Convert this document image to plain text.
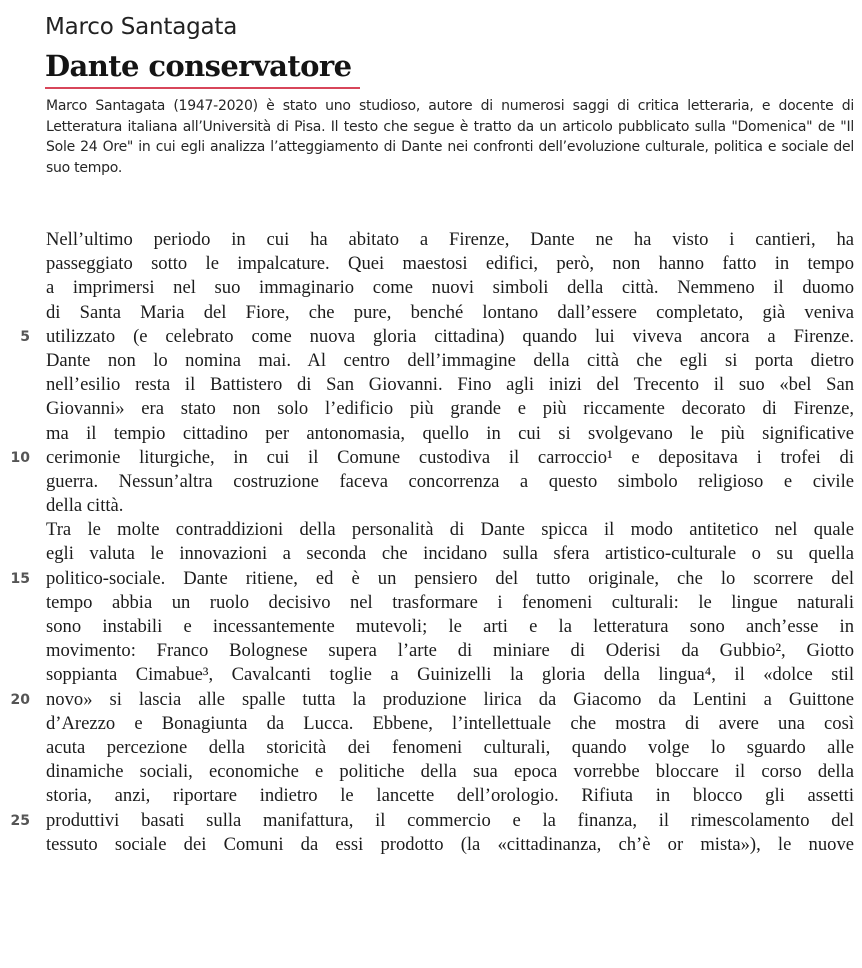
Marco Santagata
Dante conservatore

Marco Santagata (1947-2020) è stato uno studioso, autore di numerosi saggi di critica letteraria, e docente di Letteratura italiana all’Università di Pisa. Il testo che segue è tratto da un articolo pubblicato sulla "Domenica" de "Il Sole 24 Ore" in cui egli analizza l’atteggiamento di Dante nei confronti dell’evoluzione culturale, politica e sociale del suo tempo.

Nell’ultimo periodo in cui ha abitato a Firenze, Dante ne ha visto i cantieri, ha
passeggiato sotto le impalcature. Quei maestosi edifici, però, non hanno fatto in tempo
a imprimersi nel suo immaginario come nuovi simboli della città. Nemmeno il duomo
di Santa Maria del Fiore, che pure, benché lontano dall’essere completato, già veniva
5 utilizzato (e celebrato come nuova gloria cittadina) quando lui viveva ancora a Firenze.
Dante non lo nomina mai. Al centro dell’immagine della città che egli si porta dietro
nell’esilio resta il Battistero di San Giovanni. Fino agli inizi del Trecento il suo «bel San
Giovanni» era stato non solo l’edificio più grande e più riccamente decorato di Firenze,
ma il tempio cittadino per antonomasia, quello in cui si svolgevano le più significative
10 cerimonie liturgiche, in cui il Comune custodiva il carroccio¹ e depositava i trofei di
guerra. Nessun’altra costruzione faceva concorrenza a questo simbolo religioso e civile
della città.
Tra le molte contraddizioni della personalità di Dante spicca il modo antitetico nel quale
egli valuta le innovazioni a seconda che incidano sulla sfera artistico-culturale o su quella
15 politico-sociale. Dante ritiene, ed è un pensiero del tutto originale, che lo scorrere del
tempo abbia un ruolo decisivo nel trasformare i fenomeni culturali: le lingue naturali
sono instabili e incessantemente mutevoli; le arti e la letteratura sono anch’esse in
movimento: Franco Bolognese supera l’arte di miniare di Oderisi da Gubbio², Giotto
soppianta Cimabue³, Cavalcanti toglie a Guinizelli la gloria della lingua⁴, il «dolce stil
20 novo» si lascia alle spalle tutta la produzione lirica da Giacomo da Lentini a Guittone
d’Arezzo e Bonagiunta da Lucca. Ebbene, l’intellettuale che mostra di avere una così
acuta percezione della storicità dei fenomeni culturali, quando volge lo sguardo alle
dinamiche sociali, economiche e politiche della sua epoca vorrebbe bloccare il corso della
storia, anzi, riportare indietro le lancette dell’orologio. Rifiuta in blocco gli assetti
25 produttivi basati sulla manifattura, il commercio e la finanza, il rimescolamento del
tessuto sociale dei Comuni da essi prodotto (la «cittadinanza, ch’è or mista»), le nuove
